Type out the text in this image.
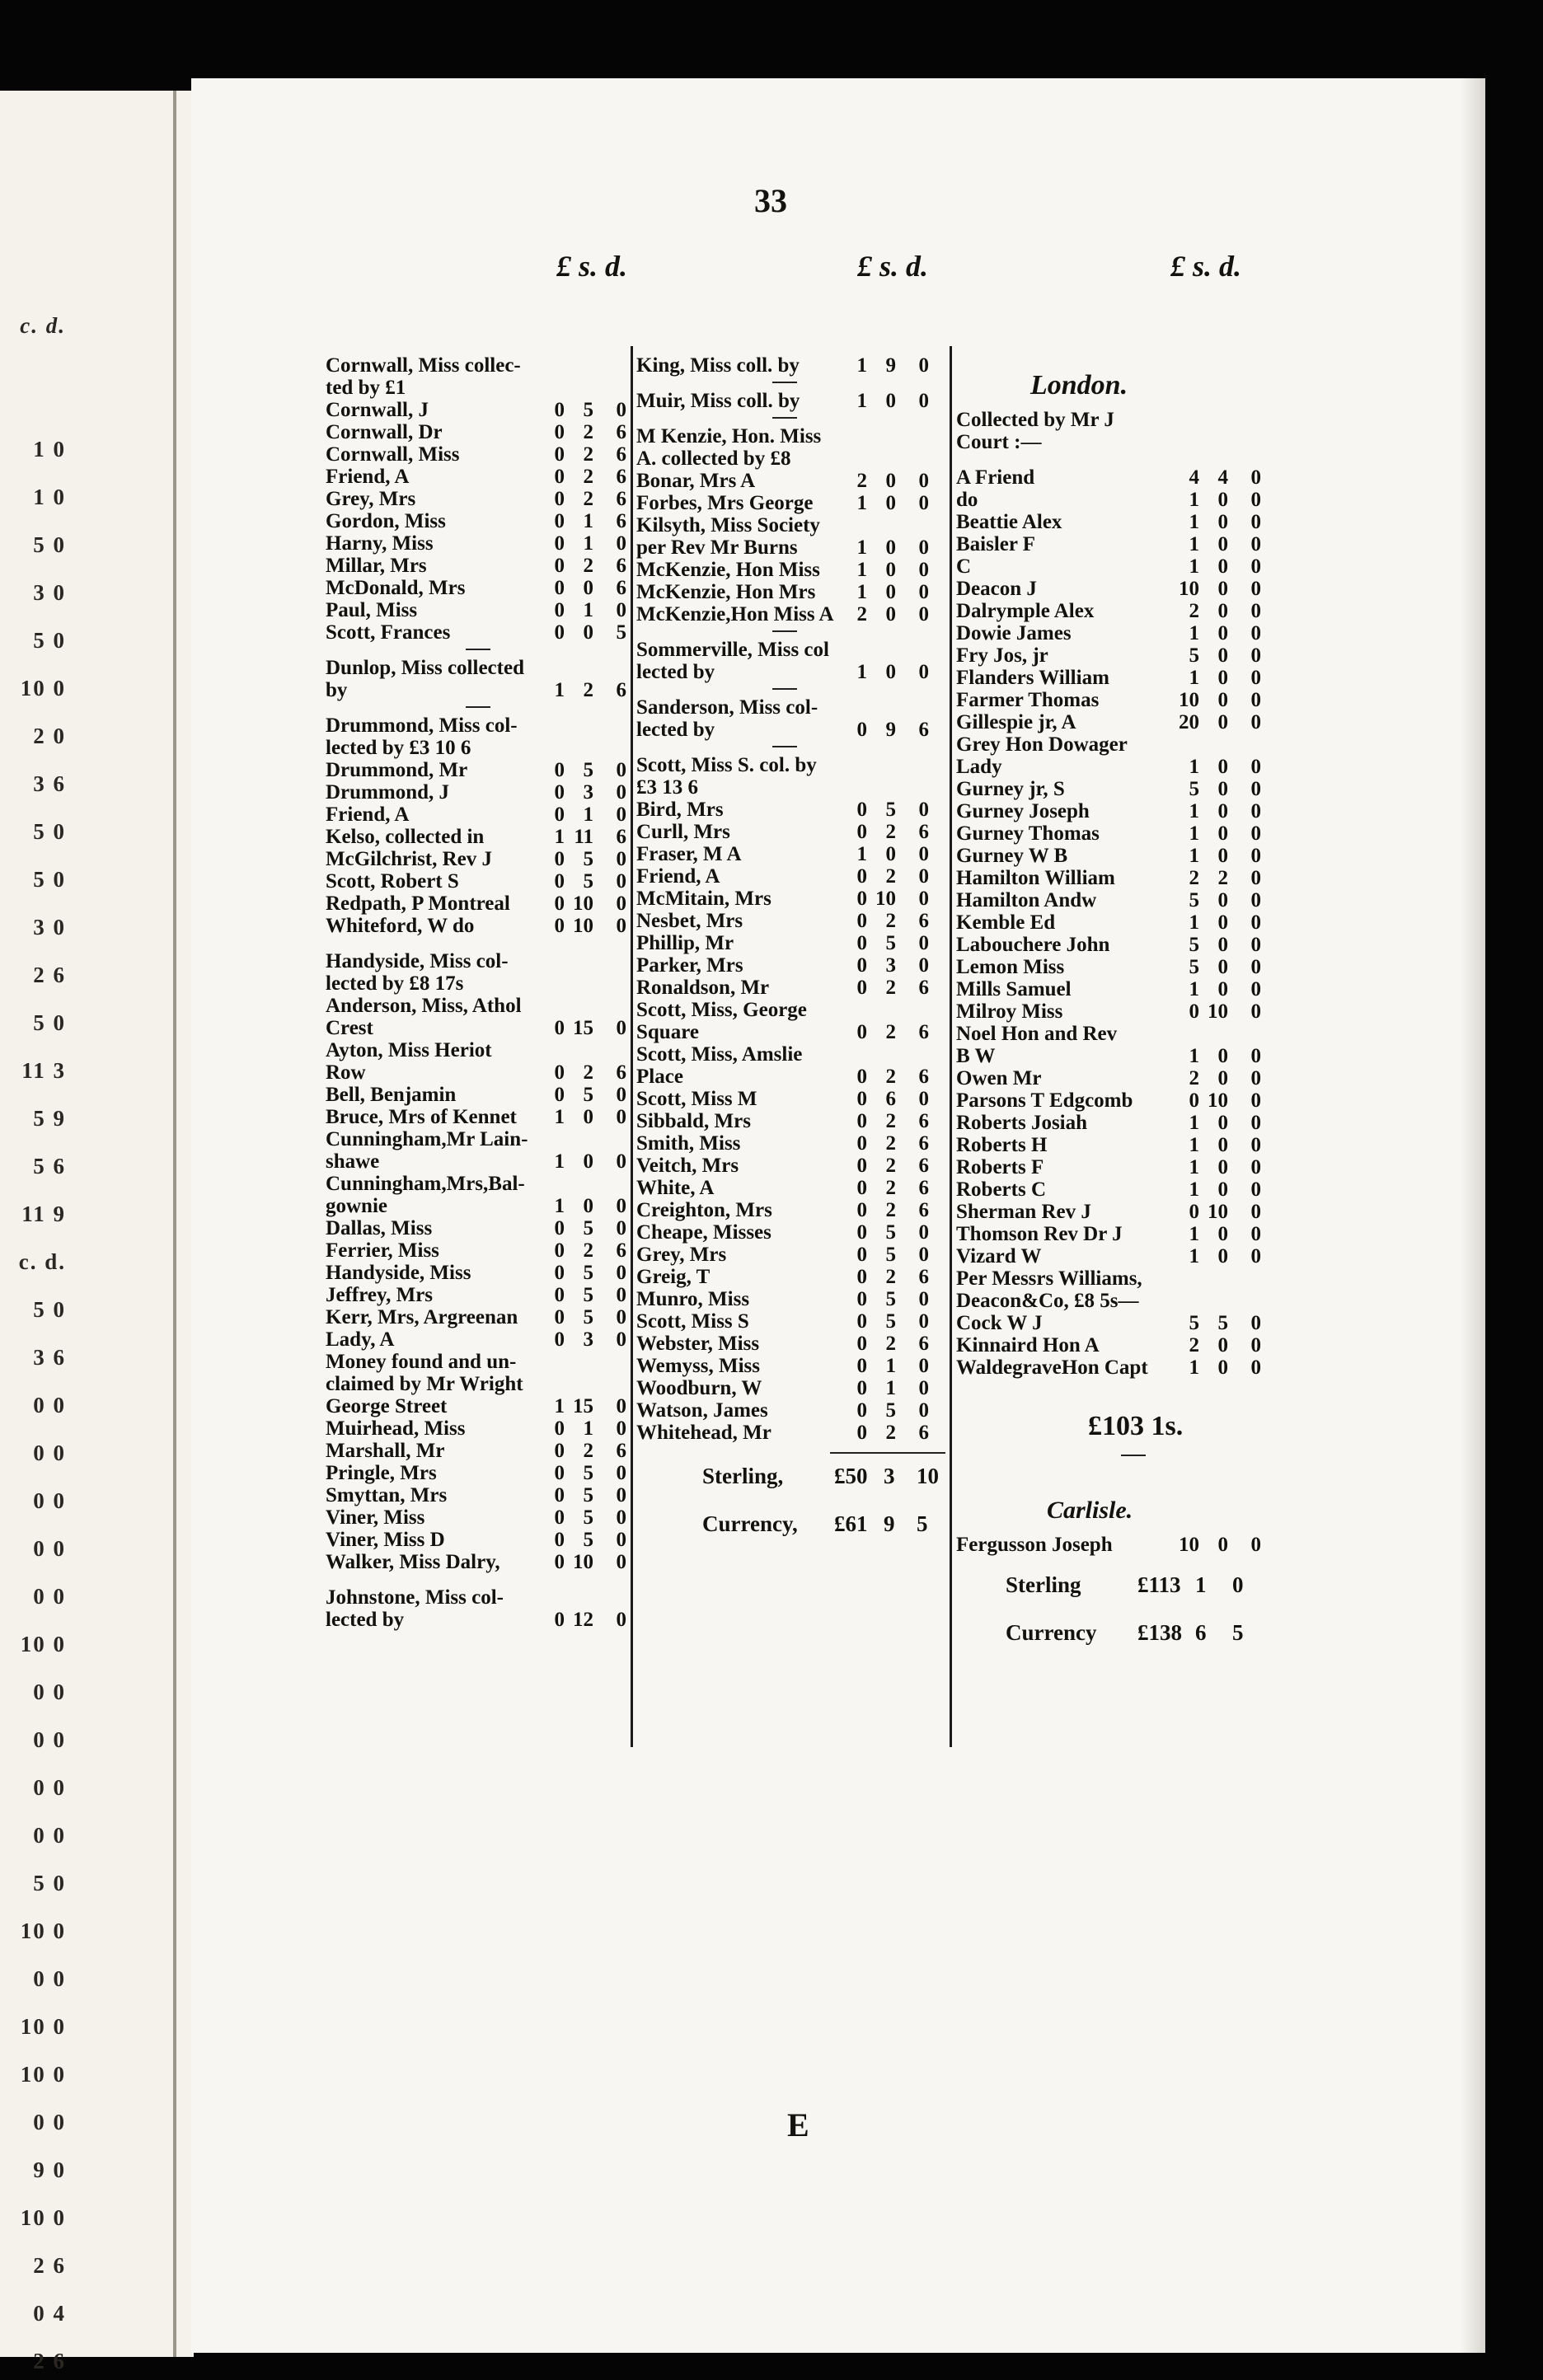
c. d.
1 0
1 0
5 0
3 0
5 0
10 0
2 0
3 6
5 0
5 0
3 0
2 6
5 0
11 3
5 9
5 6
11 9
c. d.
5 0
3 6
0 0
0 0
0 0
0 0
0 0
10 0
0 0
0 0
0 0
0 0
5 0
10 0
0 0
10 0
10 0
0 0
9 0
10 0
2 6
0 4
2 6
33
£ s. d.	£ s. d.	£ s. d.
Cornwall, Miss collec-
ted by £1
Cornwall, J	0 5	0
Cornwall, Dr	0 2	6
Cornwall, Miss	0 2	6
Friend, A	0 2	6
Grey, Mrs	0 2	6
Gordon, Miss	0 1	6
Harny, Miss	0 1	0
Millar, Mrs	0 2	6
McDonald, Mrs	0 0	6
Paul, Miss	0 1	0
Scott, Frances	0 0	5
Dunlop, Miss collected
by	1 2	6
Drummond, Miss col-
lected by £3 10 6
Drummond, Mr	0 5	0
Drummond, J	0 3	0
Friend, A	0 1	0
Kelso, collected in	1 11	6
McGilchrist, Rev J	0 5	0
Scott, Robert S	0 5	0
Redpath, P Montreal	0 10	0
Whiteford, W do	0 10	0
Handyside, Miss col-
lected by £8 17s
Anderson, Miss, Athol
Crest	0 15	0
Ayton, Miss Heriot
Row	0 2	6
Bell, Benjamin	0 5	0
Bruce, Mrs of Kennet	1 0	0
Cunningham,Mr Lain-
shawe	1 0	0
Cunningham,Mrs,Bal-
gownie	1 0	0
Dallas, Miss	0 5	0
Ferrier, Miss	0 2	6
Handyside, Miss	0 5	0
Jeffrey, Mrs	0 5	0
Kerr, Mrs, Argreenan	0 5	0
Lady, A	0 3	0
Money found and un-
claimed by Mr Wright
George Street	1 15	0
Muirhead, Miss	0 1	0
Marshall, Mr	0 2	6
Pringle, Mrs	0 5	0
Smyttan, Mrs	0 5	0
Viner, Miss	0 5	0
Viner, Miss D	0 5	0
Walker, Miss Dalry,	0 10	0
Johnstone, Miss col-
lected by	0 12	0
King, Miss coll. by	1 9	0
Muir, Miss coll. by	1 0	0
M Kenzie, Hon. Miss
A. collected by £8
Bonar, Mrs A	2 0	0
Forbes, Mrs George	1 0	0
Kilsyth, Miss Society
per Rev Mr Burns	1 0	0
McKenzie, Hon Miss	1 0	0
McKenzie, Hon Mrs	1 0	0
McKenzie,Hon Miss A	2 0	0
Sommerville, Miss col
lected by	1 0	0
Sanderson, Miss col-
lected by	0 9	6
Scott, Miss S. col. by
£3 13 6
Bird, Mrs	0 5	0
Curll, Mrs	0 2	6
Fraser, M A	1 0	0
Friend, A	0 2	0
McMitain, Mrs	0 10	0
Nesbet, Mrs	0 2	6
Phillip, Mr	0 5	0
Parker, Mrs	0 3	0
Ronaldson, Mr	0 2	6
Scott, Miss, George
Square	0 2	6
Scott, Miss, Amslie
Place	0 2	6
Scott, Miss M	0 6	0
Sibbald, Mrs	0 2	6
Smith, Miss	0 2	6
Veitch, Mrs	0 2	6
White, A	0 2	6
Creighton, Mrs	0 2	6
Cheape, Misses	0 5	0
Grey, Mrs	0 5	0
Greig, T	0 2	6
Munro, Miss	0 5	0
Scott, Miss S	0 5	0
Webster, Miss	0 2	6
Wemyss, Miss	0 1	0
Woodburn, W	0 1	0
Watson, James	0 5	0
Whitehead, Mr	0 2	6
Sterling, £50 3 10
Currency, £61 9 5
London.
Collected by Mr J
Court :—
A Friend	4 4	0
do	1 0	0
Beattie Alex	1 0	0
Baisler F	1 0	0
C	1 0	0
Deacon J	10 0	0
Dalrymple Alex	2 0	0
Dowie James	1 0	0
Fry Jos, jr	5 0	0
Flanders William	1 0	0
Farmer Thomas	10 0	0
Gillespie jr, A	20 0	0
Grey Hon Dowager
Lady	1 0	0
Gurney jr, S	5 0	0
Gurney Joseph	1 0	0
Gurney Thomas	1 0	0
Gurney W B	1 0	0
Hamilton William	2 2	0
Hamilton Andw	5 0	0
Kemble Ed	1 0	0
Labouchere John	5 0	0
Lemon Miss	5 0	0
Mills Samuel	1 0	0
Milroy Miss	0 10	0
Noel Hon and Rev
B W	1 0	0
Owen Mr	2 0	0
Parsons T Edgcomb	0 10	0
Roberts Josiah	1 0	0
Roberts H	1 0	0
Roberts F	1 0	0
Roberts C	1 0	0
Sherman Rev J	0 10	0
Thomson Rev Dr J	1 0	0
Vizard W	1 0	0
Per Messrs Williams,
Deacon&Co, £8 5s—
Cock W J	5 5	0
Kinnaird Hon A	2 0	0
WaldegraveHon Capt	1 0	0
£103 1s.
Carlisle.
Fergusson Joseph	10 0	0
Sterling	£113 1 0
Currency £138 6 5
E
